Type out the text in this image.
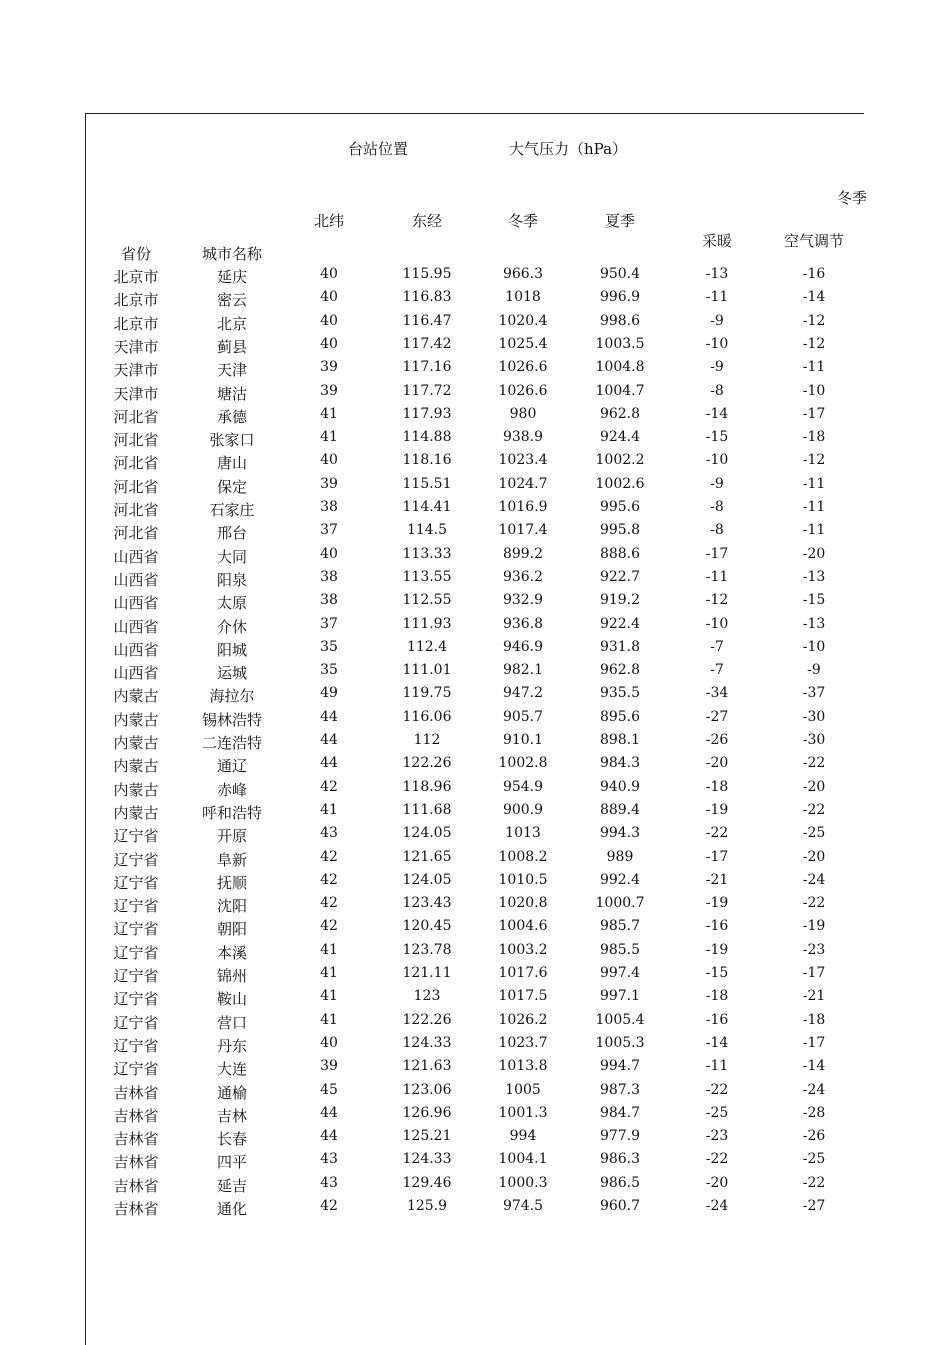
台站位置	大气压力（hPa）
冬季
北纬	东经	冬季	夏季
采暖	空气调节
省份	城市名称
北京市	延庆	40	115.95	966.3	950.4	-13	-16
北京市	密云	40	116.83	1018	996.9	-11	-14
北京市	北京	40	116.47	1020.4	998.6	-9	-12
天津市	蓟县	40	117.42	1025.4	1003.5	-10	-12
天津市	天津	39	117.16	1026.6	1004.8	-9	-11
天津市	塘沽	39	117.72	1026.6	1004.7	-8	-10
河北省	承德	41	117.93	980	962.8	-14	-17
河北省	张家口	41	114.88	938.9	924.4	-15	-18
河北省	唐山	40	118.16	1023.4	1002.2	-10	-12
河北省	保定	39	115.51	1024.7	1002.6	-9	-11
河北省	石家庄	38	114.41	1016.9	995.6	-8	-11
河北省	邢台	37	114.5	1017.4	995.8	-8	-11
山西省	大同	40	113.33	899.2	888.6	-17	-20
山西省	阳泉	38	113.55	936.2	922.7	-11	-13
山西省	太原	38	112.55	932.9	919.2	-12	-15
山西省	介休	37	111.93	936.8	922.4	-10	-13
山西省	阳城	35	112.4	946.9	931.8	-7	-10
山西省	运城	35	111.01	982.1	962.8	-7	-9
内蒙古	海拉尔	49	119.75	947.2	935.5	-34	-37
内蒙古	锡林浩特	44	116.06	905.7	895.6	-27	-30
内蒙古	二连浩特	44	112	910.1	898.1	-26	-30
内蒙古	通辽	44	122.26	1002.8	984.3	-20	-22
内蒙古	赤峰	42	118.96	954.9	940.9	-18	-20
内蒙古	呼和浩特	41	111.68	900.9	889.4	-19	-22
辽宁省	开原	43	124.05	1013	994.3	-22	-25
辽宁省	阜新	42	121.65	1008.2	989	-17	-20
辽宁省	抚顺	42	124.05	1010.5	992.4	-21	-24
辽宁省	沈阳	42	123.43	1020.8	1000.7	-19	-22
辽宁省	朝阳	42	120.45	1004.6	985.7	-16	-19
辽宁省	本溪	41	123.78	1003.2	985.5	-19	-23
辽宁省	锦州	41	121.11	1017.6	997.4	-15	-17
辽宁省	鞍山	41	123	1017.5	997.1	-18	-21
辽宁省	营口	41	122.26	1026.2	1005.4	-16	-18
辽宁省	丹东	40	124.33	1023.7	1005.3	-14	-17
辽宁省	大连	39	121.63	1013.8	994.7	-11	-14
吉林省	通榆	45	123.06	1005	987.3	-22	-24
吉林省	吉林	44	126.96	1001.3	984.7	-25	-28
吉林省	长春	44	125.21	994	977.9	-23	-26
吉林省	四平	43	124.33	1004.1	986.3	-22	-25
吉林省	延吉	43	129.46	1000.3	986.5	-20	-22
吉林省	通化	42	125.9	974.5	960.7	-24	-27
